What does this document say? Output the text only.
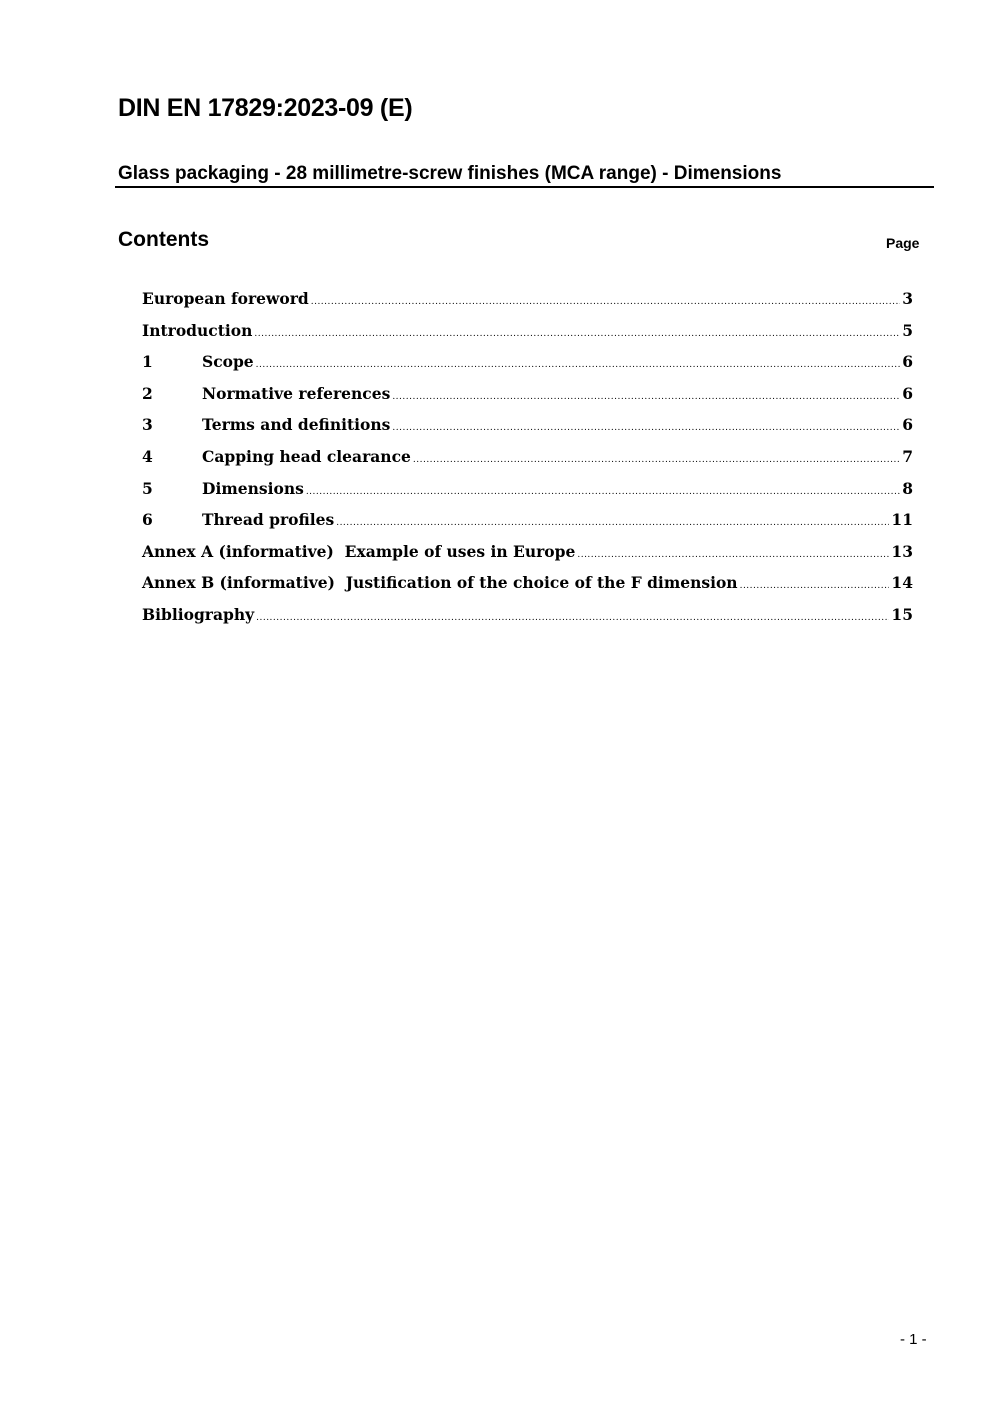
DIN EN 17829:2023-09 (E)
Glass packaging - 28 millimetre-screw finishes (MCA range) - Dimensions
Contents	Page
European foreword .....	3
Introduction .....	5
1	Scope .....	6
2	Normative references .....	6
3	Terms and definitions .....	6
4	Capping head clearance .....	7
5	Dimensions .....	8
6	Thread profiles .....	11
Annex A (informative)  Example of uses in Europe .....	13
Annex B (informative)  Justification of the choice of the F dimension .....	14
Bibliography .....	15
- 1 -
